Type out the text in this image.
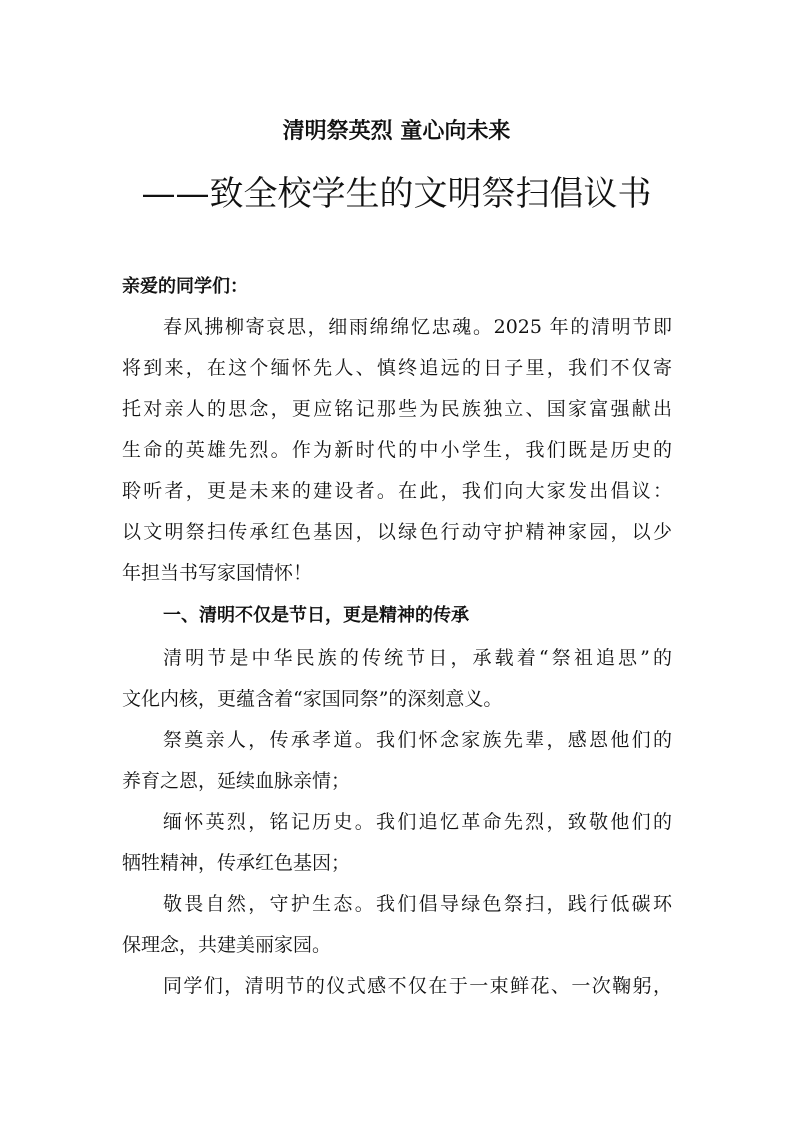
清明祭英烈 童心向未来
——致全校学生的文明祭扫倡议书
亲爱的同学们：
春风拂柳寄哀思，细雨绵绵忆忠魂。2025 年的清明节即
将到来，在这个缅怀先人、慎终追远的日子里，我们不仅寄
托对亲人的思念，更应铭记那些为民族独立、国家富强献出
生命的英雄先烈。作为新时代的中小学生，我们既是历史的
聆听者，更是未来的建设者。在此，我们向大家发出倡议：
以文明祭扫传承红色基因，以绿色行动守护精神家园，以少
年担当书写家国情怀！
一、清明不仅是节日，更是精神的传承
清明节是中华民族的传统节日，承载着“祭祖追思”的
文化内核，更蕴含着“家国同祭”的深刻意义。
祭奠亲人，传承孝道。我们怀念家族先辈，感恩他们的
养育之恩，延续血脉亲情；
缅怀英烈，铭记历史。我们追忆革命先烈，致敬他们的
牺牲精神，传承红色基因；
敬畏自然，守护生态。我们倡导绿色祭扫，践行低碳环
保理念，共建美丽家园。
同学们，清明节的仪式感不仅在于一束鲜花、一次鞠躬，
